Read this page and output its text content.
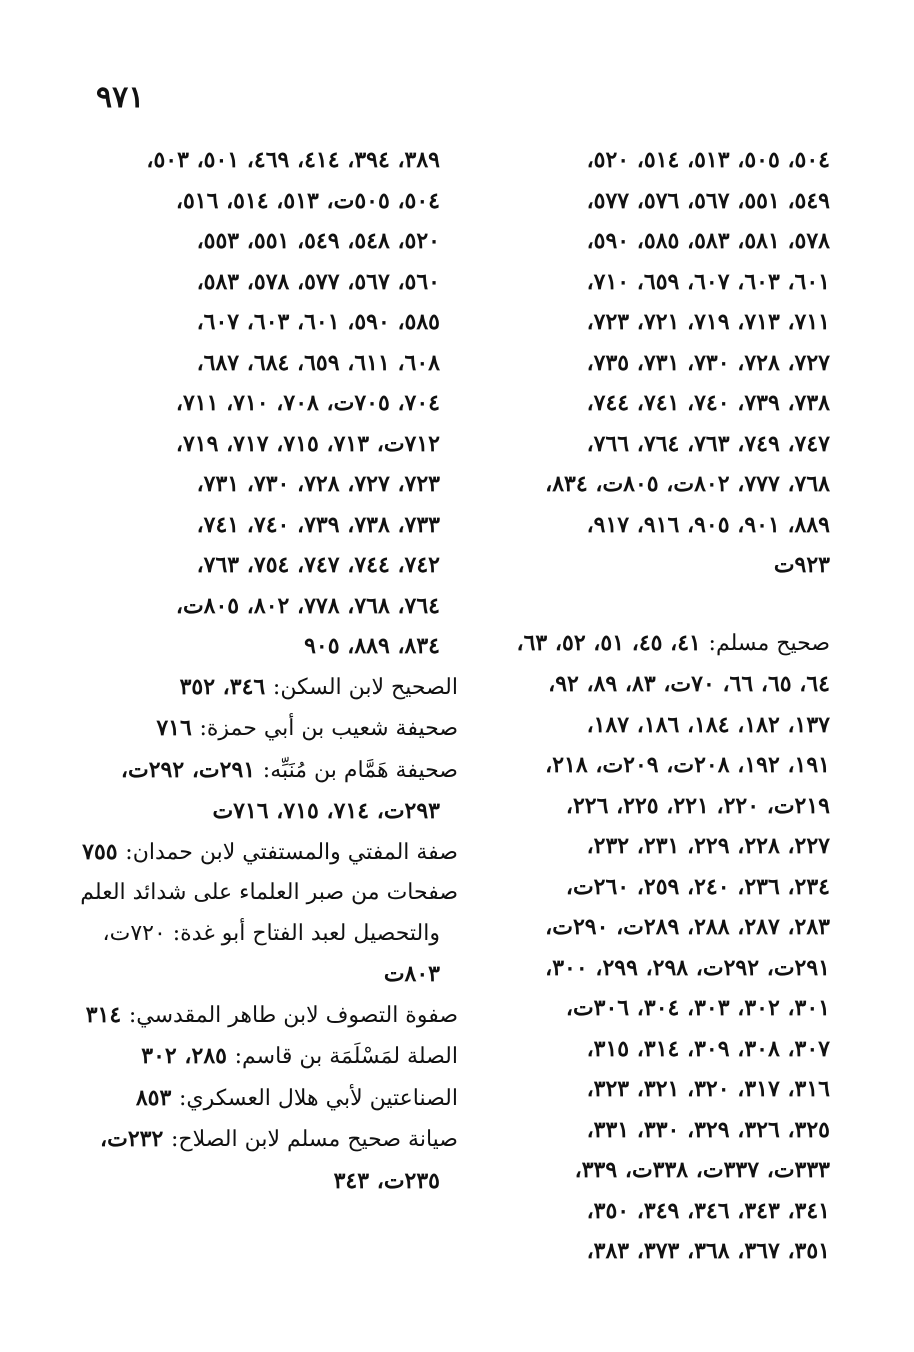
٩٧١
٥٠٤، ٥٠٥، ٥١٣، ٥١٤، ٥٢٠،
٥٤٩، ٥٥١، ٥٦٧، ٥٧٦، ٥٧٧،
٥٧٨، ٥٨١، ٥٨٣، ٥٨٥، ٥٩٠،
٦٠١، ٦٠٣، ٦٠٧، ٦٥٩، ٧١٠،
٧١١، ٧١٣، ٧١٩، ٧٢١، ٧٢٣،
٧٢٧، ٧٢٨، ٧٣٠، ٧٣١، ٧٣٥،
٧٣٨، ٧٣٩، ٧٤٠، ٧٤١، ٧٤٤،
٧٤٧، ٧٤٩، ٧٦٣، ٧٦٤، ٧٦٦،
٧٦٨، ٧٧٧، ٨٠٢ت، ٨٠٥ت، ٨٣٤،
٨٨٩، ٩٠١، ٩٠٥، ٩١٦، ٩١٧،
٩٢٣ت
صحيح مسلم: ٤١، ٤٥، ٥١، ٥٢، ٦٣،
٦٤، ٦٥، ٦٦، ٧٠ت، ٨٣، ٨٩، ٩٢،
١٣٧، ١٨٢، ١٨٤، ١٨٦، ١٨٧،
١٩١، ١٩٢، ٢٠٨ت، ٢٠٩ت، ٢١٨،
٢١٩ت، ٢٢٠، ٢٢١، ٢٢٥، ٢٢٦،
٢٢٧، ٢٢٨، ٢٢٩، ٢٣١، ٢٣٢،
٢٣٤، ٢٣٦، ٢٤٠، ٢٥٩، ٢٦٠ت،
٢٨٣، ٢٨٧، ٢٨٨، ٢٨٩ت، ٢٩٠ت،
٢٩١ت، ٢٩٢ت، ٢٩٨، ٢٩٩، ٣٠٠،
٣٠١، ٣٠٢، ٣٠٣، ٣٠٤، ٣٠٦ت،
٣٠٧، ٣٠٨، ٣٠٩، ٣١٤، ٣١٥،
٣١٦، ٣١٧، ٣٢٠، ٣٢١، ٣٢٣،
٣٢٥، ٣٢٦، ٣٢٩، ٣٣٠، ٣٣١،
٣٣٣ت، ٣٣٧ت، ٣٣٨ت، ٣٣٩،
٣٤١، ٣٤٣، ٣٤٦، ٣٤٩، ٣٥٠،
٣٥١، ٣٦٧، ٣٦٨، ٣٧٣، ٣٨٣،
٣٨٩، ٣٩٤، ٤١٤، ٤٦٩، ٥٠١، ٥٠٣،
٥٠٤، ٥٠٥ت، ٥١٣، ٥١٤، ٥١٦،
٥٢٠، ٥٤٨، ٥٤٩، ٥٥١، ٥٥٣،
٥٦٠، ٥٦٧، ٥٧٧، ٥٧٨، ٥٨٣،
٥٨٥، ٥٩٠، ٦٠١، ٦٠٣، ٦٠٧،
٦٠٨، ٦١١، ٦٥٩، ٦٨٤، ٦٨٧،
٧٠٤، ٧٠٥ت، ٧٠٨، ٧١٠، ٧١١،
٧١٢ت، ٧١٣، ٧١٥، ٧١٧، ٧١٩،
٧٢٣، ٧٢٧، ٧٢٨، ٧٣٠، ٧٣١،
٧٣٣، ٧٣٨، ٧٣٩، ٧٤٠، ٧٤١،
٧٤٢، ٧٤٤، ٧٤٧، ٧٥٤، ٧٦٣،
٧٦٤، ٧٦٨، ٧٧٨، ٨٠٢، ٨٠٥ت،
٨٣٤، ٨٨٩، ٩٠٥
الصحيح لابن السكن: ٣٤٦، ٣٥٢
صحيفة شعيب بن أبي حمزة: ٧١٦
صحيفة هَمَّام بن مُنَبِّه: ٢٩١ت، ٢٩٢ت،
٢٩٣ت، ٧١٤، ٧١٥، ٧١٦ت
صفة المفتي والمستفتي لابن حمدان: ٧٥٥
صفحات من صبر العلماء على شدائد العلم
والتحصيل لعبد الفتاح أبو غدة: ٧٢٠ت،
٨٠٣ت
صفوة التصوف لابن طاهر المقدسي: ٣١٤
الصلة لمَسْلَمَة بن قاسم: ٢٨٥، ٣٠٢
الصناعتين لأبي هلال العسكري: ٨٥٣
صيانة صحيح مسلم لابن الصلاح: ٢٣٢ت،
٢٣٥ت، ٣٤٣
